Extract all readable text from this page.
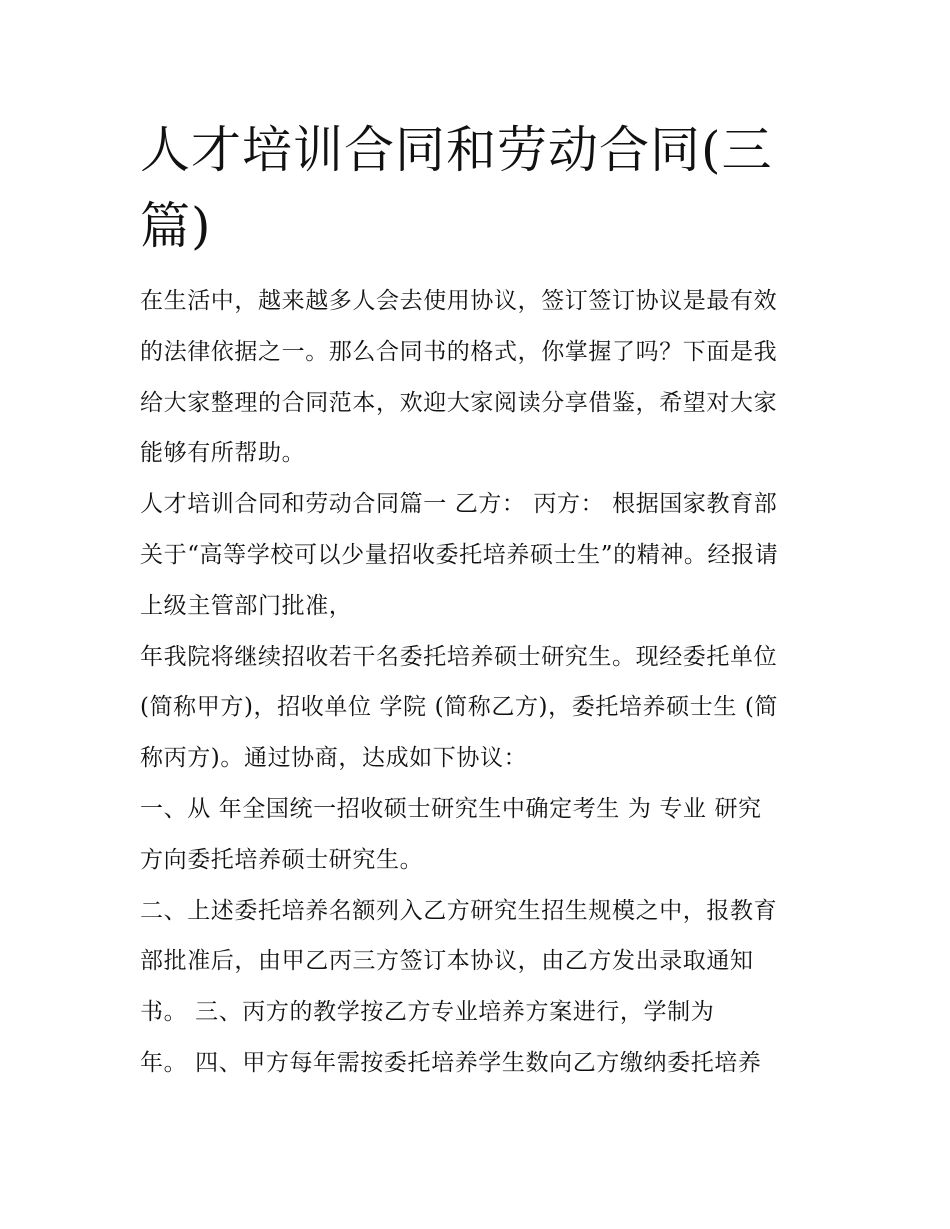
人才培训合同和劳动合同(三
篇)
在生活中，越来越多人会去使用协议，签订签订协议是最有效
的法律依据之一。那么合同书的格式，你掌握了吗？下面是我
给大家整理的合同范本，欢迎大家阅读分享借鉴，希望对大家
能够有所帮助。
人才培训合同和劳动合同篇一 乙方： 丙方： 根据国家教育部
关于“高等学校可以少量招收委托培养硕士生”的精神。经报请
上级主管部门批准，
年我院将继续招收若干名委托培养硕士研究生。现经委托单位
(简称甲方)，招收单位 学院 (简称乙方)，委托培养硕士生 (简
称丙方)。通过协商，达成如下协议：
一、从 年全国统一招收硕士研究生中确定考生 为 专业 研究
方向委托培养硕士研究生。
二、上述委托培养名额列入乙方研究生招生规模之中，报教育
部批准后，由甲乙丙三方签订本协议，由乙方发出录取通知
书。 三、丙方的教学按乙方专业培养方案进行，学制为
年。 四、甲方每年需按委托培养学生数向乙方缴纳委托培养
